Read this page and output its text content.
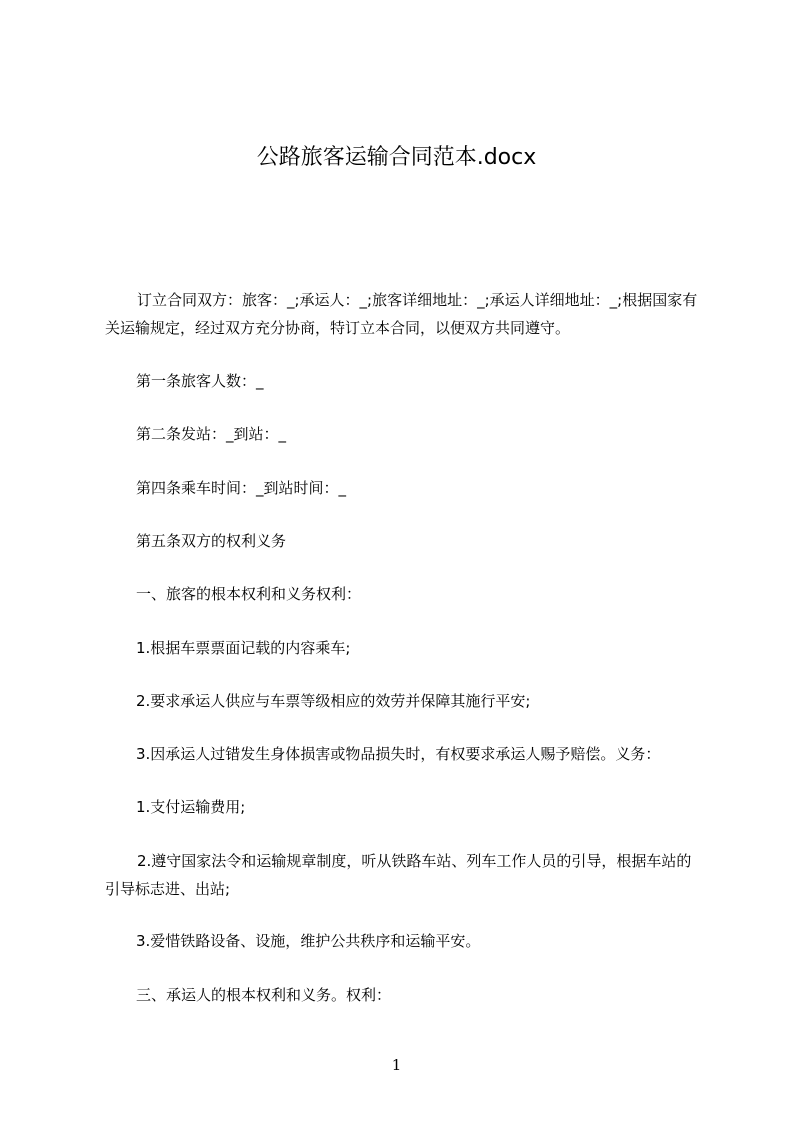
公路旅客运输合同范本.docx

订立合同双方：旅客：_;承运人：_;旅客详细地址：_;承运人详细地址：_;根据国家有关运输规定，经过双方充分协商，特订立本合同，以便双方共同遵守。

第一条旅客人数：_

第二条发站：_到站：_

第四条乘车时间：_到站时间：_

第五条双方的权利义务

一、旅客的根本权利和义务权利：

1.根据车票票面记载的内容乘车;

2.要求承运人供应与车票等级相应的效劳并保障其施行平安;

3.因承运人过错发生身体损害或物品损失时，有权要求承运人赐予赔偿。义务：

1.支付运输费用;

2.遵守国家法令和运输规章制度，听从铁路车站、列车工作人员的引导，根据车站的引导标志进、出站;

3.爱惜铁路设备、设施，维护公共秩序和运输平安。

三、承运人的根本权利和义务。权利：

1
